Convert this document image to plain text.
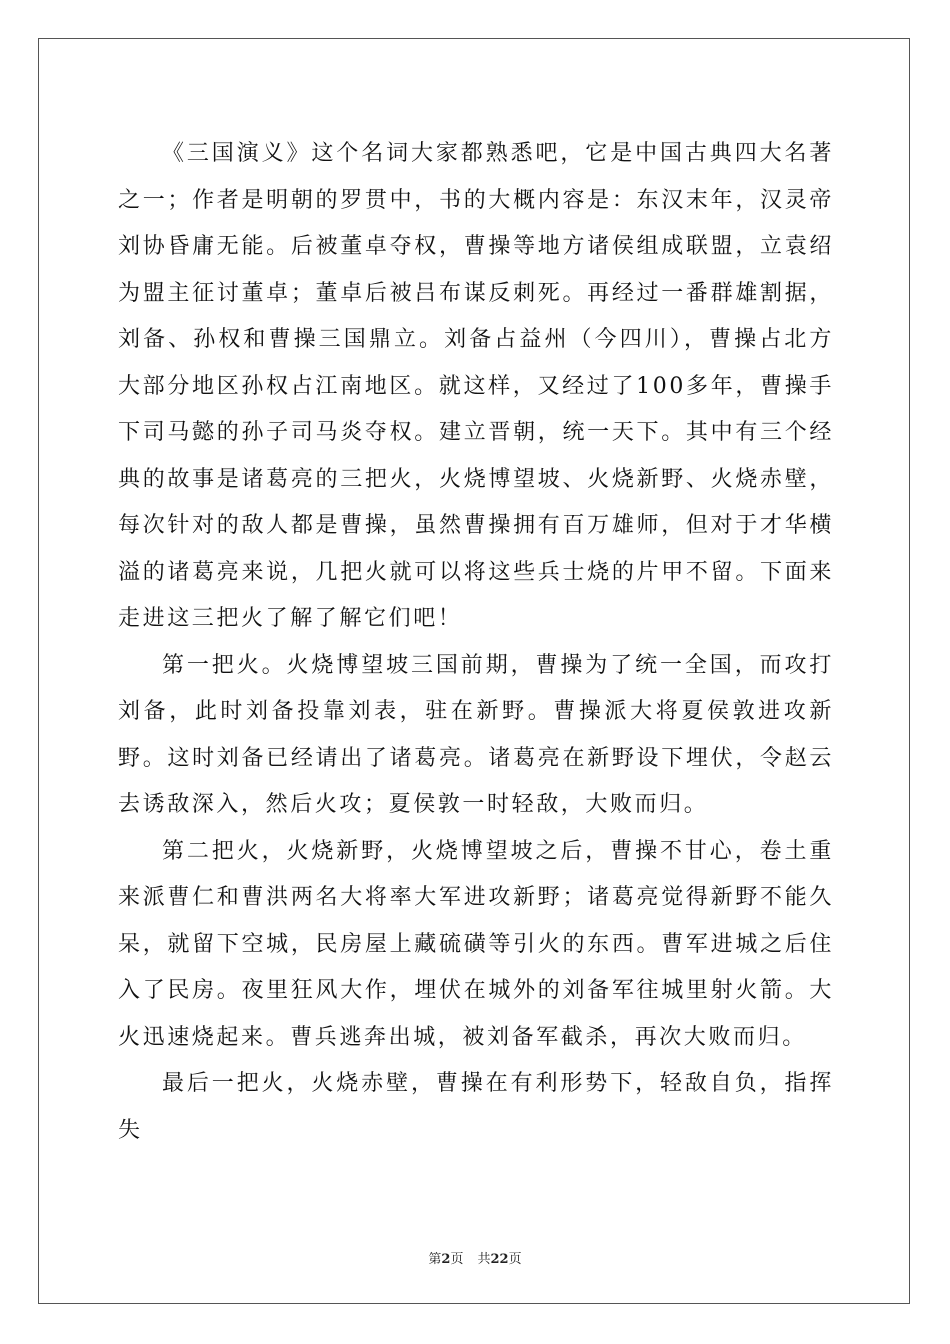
《三国演义》这个名词大家都熟悉吧，它是中国古典四大名著之一；作者是明朝的罗贯中，书的大概内容是：东汉末年，汉灵帝刘协昏庸无能。后被董卓夺权，曹操等地方诸侯组成联盟，立袁绍为盟主征讨董卓；董卓后被吕布谋反刺死。再经过一番群雄割据，刘备、孙权和曹操三国鼎立。刘备占益州（今四川），曹操占北方大部分地区孙权占江南地区。就这样，又经过了100多年，曹操手下司马懿的孙子司马炎夺权。建立晋朝，统一天下。其中有三个经典的故事是诸葛亮的三把火，火烧博望坡、火烧新野、火烧赤壁，每次针对的敌人都是曹操，虽然曹操拥有百万雄师，但对于才华横溢的诸葛亮来说，几把火就可以将这些兵士烧的片甲不留。下面来走进这三把火了解了解它们吧！

第一把火。火烧博望坡三国前期，曹操为了统一全国，而攻打刘备，此时刘备投靠刘表，驻在新野。曹操派大将夏侯敦进攻新野。这时刘备已经请出了诸葛亮。诸葛亮在新野设下埋伏，令赵云去诱敌深入，然后火攻；夏侯敦一时轻敌，大败而归。

第二把火，火烧新野，火烧博望坡之后，曹操不甘心，卷土重来派曹仁和曹洪两名大将率大军进攻新野；诸葛亮觉得新野不能久呆，就留下空城，民房屋上藏硫磺等引火的东西。曹军进城之后住入了民房。夜里狂风大作，埋伏在城外的刘备军往城里射火箭。大火迅速烧起来。曹兵逃奔出城，被刘备军截杀，再次大败而归。

最后一把火，火烧赤壁，曹操在有利形势下，轻敌自负，指挥失

第2页 共22页
